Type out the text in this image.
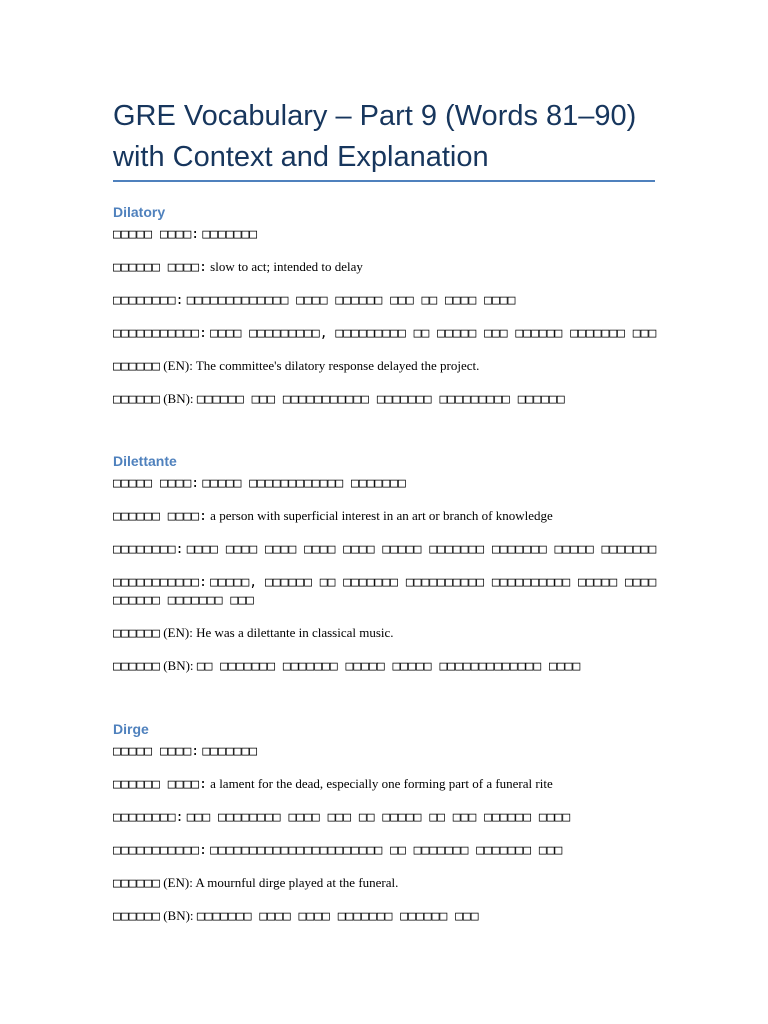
GRE Vocabulary – Part 9 (Words 81–90) with Context and Explanation

Dilatory

□□□□□ □□□□: □□□□□□□

□□□□□□ □□□□: slow to act; intended to delay

□□□□□□□□: □□□□□□□□□□□□□ □□□□ □□□□□□ □□□ □□ □□□□ □□□□

□□□□□□□□□□□: □□□□ □□□□□□□□□, □□□□□□□□□ □□ □□□□□ □□□ □□□□□□ □□□□□□□ □□□

□□□□□□ (EN): The committee's dilatory response delayed the project.

□□□□□□ (BN): □□□□□□ □□□ □□□□□□□□□□□ □□□□□□□ □□□□□□□□□ □□□□□□

Dilettante

□□□□□ □□□□: □□□□□ □□□□□□□□□□□□ □□□□□□□

□□□□□□ □□□□: a person with superficial interest in an art or branch of knowledge

□□□□□□□□: □□□□ □□□□ □□□□ □□□□ □□□□ □□□□□ □□□□□□□ □□□□□□□ □□□□□ □□□□□□□

□□□□□□□□□□□: □□□□□, □□□□□□ □□ □□□□□□□ □□□□□□□□□□ □□□□□□□□□□ □□□□□ □□□□ □□□□□□ □□□□□□□ □□□

□□□□□□ (EN): He was a dilettante in classical music.

□□□□□□ (BN): □□ □□□□□□□ □□□□□□□ □□□□□ □□□□□ □□□□□□□□□□□□□ □□□□

Dirge

□□□□□ □□□□: □□□□□□□

□□□□□□ □□□□: a lament for the dead, especially one forming part of a funeral rite

□□□□□□□□: □□□ □□□□□□□□ □□□□ □□□ □□ □□□□□ □□ □□□ □□□□□□ □□□□

□□□□□□□□□□□: □□□□□□□□□□□□□□□□□□□□□□ □□ □□□□□□□ □□□□□□□ □□□

□□□□□□ (EN): A mournful dirge played at the funeral.

□□□□□□ (BN): □□□□□□□ □□□□ □□□□ □□□□□□□ □□□□□□ □□□
